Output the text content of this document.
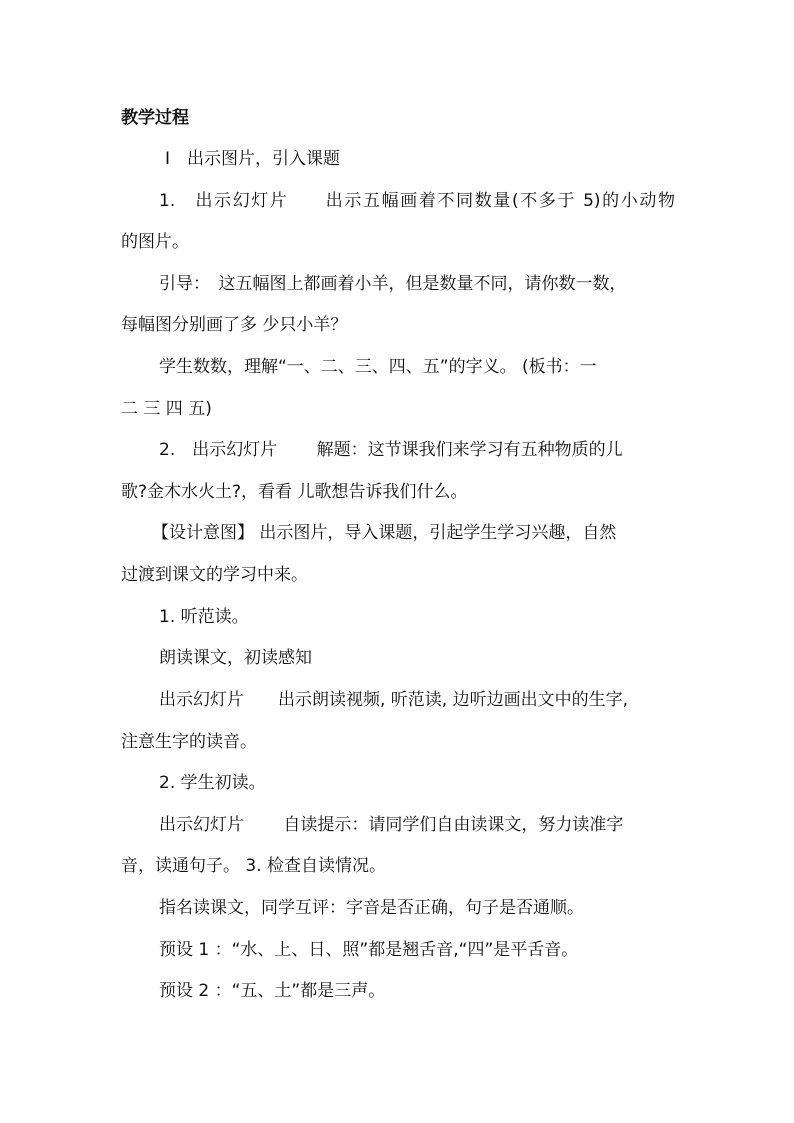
教学过程
Ⅰ　出示图片，引入课题
1.　出示幻灯片　　出示五幅画着不同数量(不多于 5)的小动物
的图片。
引导：　这五幅图上都画着小羊，但是数量不同，请你数一数，
每幅图分别画了多 少只小羊？
学生数数，理解“一、二、三、四、五”的字义。 (板书：一
二 三 四 五)
2.　出示幻灯片　　 解题：这节课我们来学习有五种物质的儿
歌?金木水火土?，看看 儿歌想告诉我们什么。
【设计意图】 出示图片，导入课题，引起学生学习兴趣，自然
过渡到课文的学习中来。
1. 听范读。
朗读课文，初读感知
出示幻灯片　　出示朗读视频, 听范读, 边听边画出文中的生字,
注意生字的读音。
2. 学生初读。
出示幻灯片　　 自读提示：请同学们自由读课文，努力读准字
音，读通句子。 3. 检查自读情况。
指名读课文，同学互评：字音是否正确，句子是否通顺。
预设 1 ：“水、上、日、照”都是翘舌音,“四”是平舌音。
预设 2 ：“五、土”都是三声。
